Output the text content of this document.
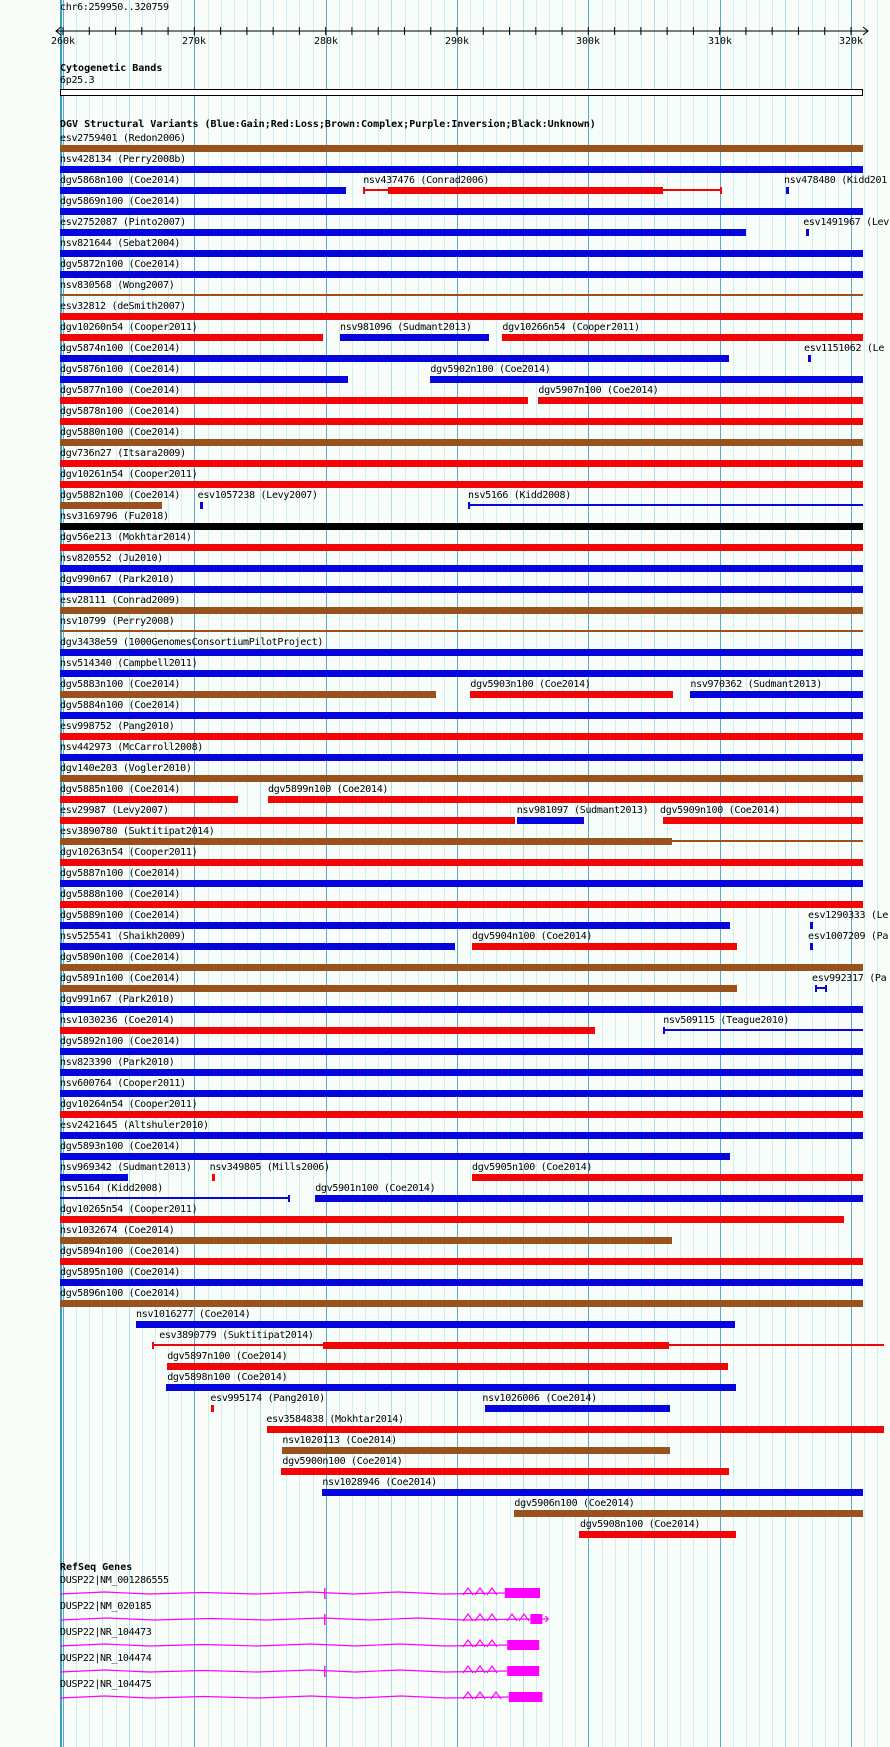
chr6:259950..320759
260k	270k	280k	290k	300k	310k	320k
Cytogenetic Bands
6p25.3
DGV Structural Variants (Blue:Gain;Red:Loss;Brown:Complex;Purple:Inversion;Black:Unknown)
esv2759401 (Redon2006)
nsv428134 (Perry2008b)
dgv5868n100 (Coe2014)	nsv437476 (Conrad2006)	nsv478480 (Kidd201
dgv5869n100 (Coe2014)
esv2752087 (Pinto2007)	esv1491967 (Lev
nsv821644 (Sebat2004)
dgv5872n100 (Coe2014)
nsv830568 (Wong2007)
esv32812 (deSmith2007)
dgv10260n54 (Cooper2011)	nsv981096 (Sudmant2013)	dgv10266n54 (Cooper2011)
dgv5874n100 (Coe2014)	esv1151062 (Le
dgv5876n100 (Coe2014)	dgv5902n100 (Coe2014)
dgv5877n100 (Coe2014)	dgv5907n100 (Coe2014)
dgv5878n100 (Coe2014)
dgv5880n100 (Coe2014)
dgv736n27 (Itsara2009)
dgv10261n54 (Cooper2011)
dgv5882n100 (Coe2014) esv1057238 (Levy2007)	nsv5166 (Kidd2008)
nsv3169796 (Fu2018)
dgv56e213 (Mokhtar2014)
nsv820552 (Ju2010)
dgv990n67 (Park2010)
esv28111 (Conrad2009)
nsv10799 (Perry2008)
dgv3438e59 (1000GenomesConsortiumPilotProject)
nsv514340 (Campbell2011)
dgv5883n100 (Coe2014)	dgv5903n100 (Coe2014)	nsv970362 (Sudmant2013)
dgv5884n100 (Coe2014)
esv998752 (Pang2010)
nsv442973 (McCarroll2008)
dgv140e203 (Vogler2010)
dgv5885n100 (Coe2014)	dgv5899n100 (Coe2014)
esv29987 (Levy2007)	nsv981097 (Sudmant2013) dgv5909n100 (Coe2014)
esv3890780 (Suktitipat2014)
dgv10263n54 (Cooper2011)
dgv5887n100 (Coe2014)
dgv5888n100 (Coe2014)
dgv5889n100 (Coe2014)	esv1290333 (Le
nsv525541 (Shaikh2009)	dgv5904n100 (Coe2014)	esv1007209 (Pa
dgv5890n100 (Coe2014)
dgv5891n100 (Coe2014)	esv992317 (Pa
dgv991n67 (Park2010)
nsv1030236 (Coe2014)	nsv509115 (Teague2010)
dgv5892n100 (Coe2014)
nsv823390 (Park2010)
nsv600764 (Cooper2011)
dgv10264n54 (Cooper2011)
esv2421645 (Altshuler2010)
dgv5893n100 (Coe2014)
nsv969342 (Sudmant2013) nsv349805 (Mills2006)	dgv5905n100 (Coe2014)
nsv5164 (Kidd2008)	dgv5901n100 (Coe2014)
dgv10265n54 (Cooper2011)
nsv1032674 (Coe2014)
dgv5894n100 (Coe2014)
dgv5895n100 (Coe2014)
dgv5896n100 (Coe2014)
nsv1016277 (Coe2014)
esv3890779 (Suktitipat2014)
dgv5897n100 (Coe2014)
dgv5898n100 (Coe2014)
esv995174 (Pang2010)	nsv1026006 (Coe2014)
esv3584838 (Mokhtar2014)
nsv1020113 (Coe2014)
dgv5900n100 (Coe2014)
nsv1028946 (Coe2014)
dgv5906n100 (Coe2014)
dgv5908n100 (Coe2014)
RefSeq Genes
DUSP22|NM_001286555
DUSP22|NM_020185
DUSP22|NR_104473
DUSP22|NR_104474
DUSP22|NR_104475
